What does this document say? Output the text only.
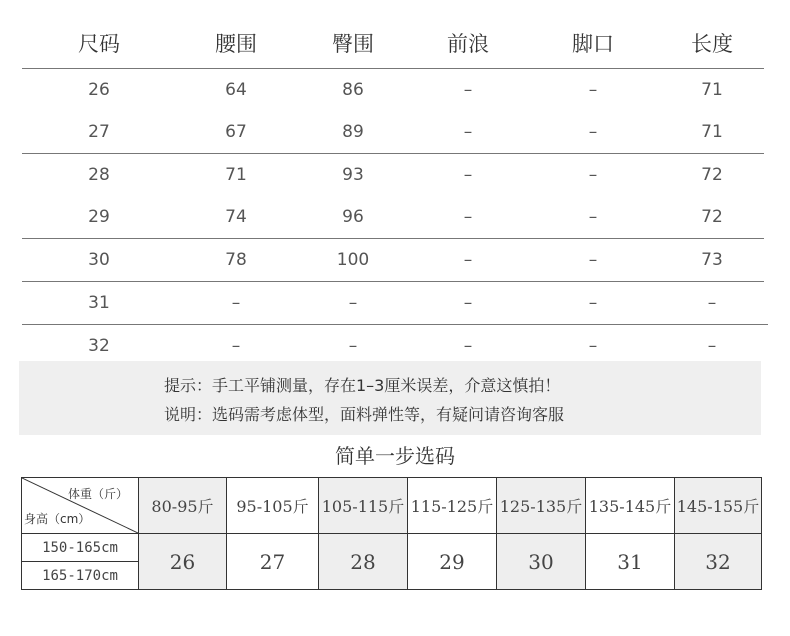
尺码	腰围	臀围	前浪	脚口	长度
26	64	86	–	–	71
27	67	89	–	–	71
28	71	93	–	–	72
29	74	96	–	–	72
30	78	100	–	–	73
31	–	–	–	–	–
32	–	–	–	–	–
提示：手工平铺测量，存在1–3厘米误差，介意这慎拍！
说明：选码需考虑体型，面料弹性等，有疑问请咨询客服
简单一步选码
体重（斤）
身高（cm）	80-95斤	95-105斤	105-115斤	115-125斤	125-135斤	135-145斤	145-155斤
150-165cm	26	27	28	29	30	31	32
165-170cm							
